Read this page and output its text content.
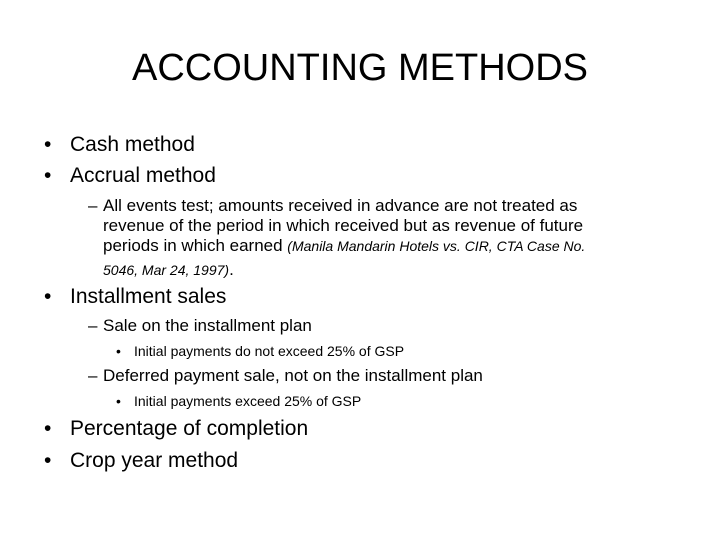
ACCOUNTING METHODS
• Cash method
• Accrual method
– All events test; amounts received in advance are not treated as
revenue of the period in which received but as revenue of future
periods in which earned (Manila Mandarin Hotels vs. CIR, CTA Case No.
5046, Mar 24, 1997).
• Installment sales
– Sale on the installment plan
• Initial payments do not exceed 25% of GSP
– Deferred payment sale, not on the installment plan
• Initial payments exceed 25% of GSP
• Percentage of completion
• Crop year method
